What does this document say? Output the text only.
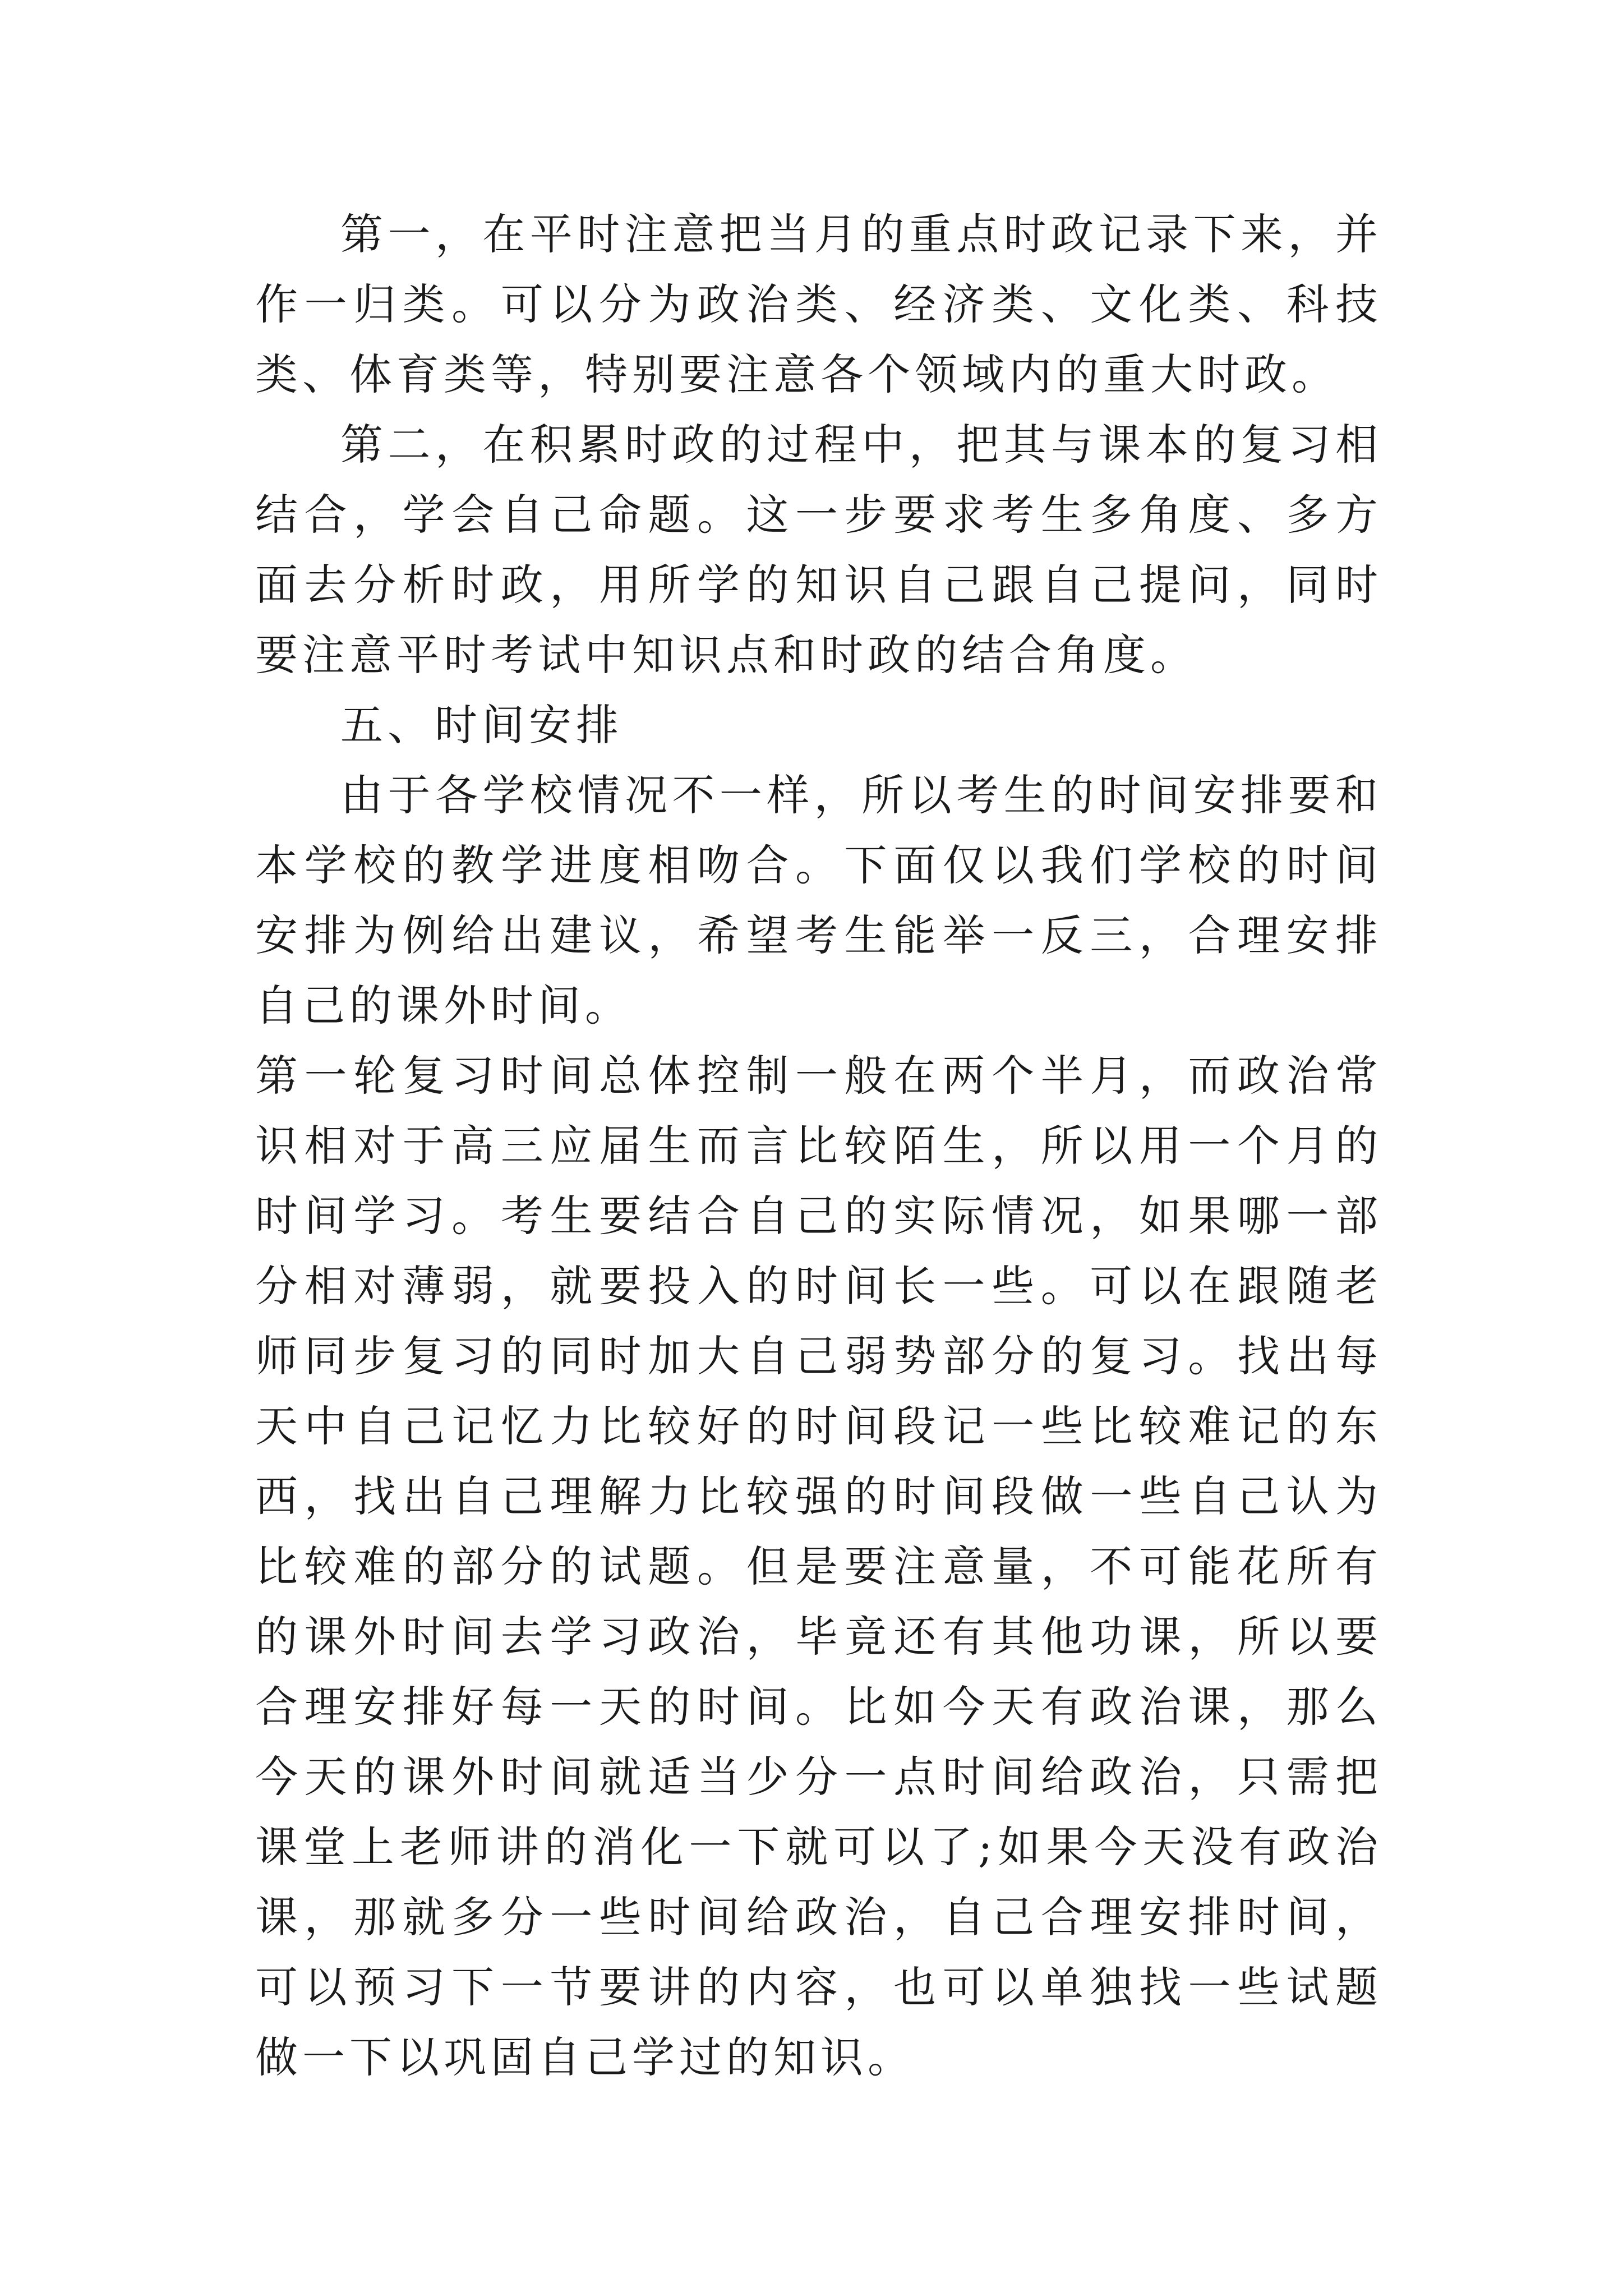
第一，在平时注意把当月的重点时政记录下来，并作一归类。可以分为政治类、经济类、文化类、科技类、体育类等，特别要注意各个领域内的重大时政。

第二，在积累时政的过程中，把其与课本的复习相结合，学会自己命题。这一步要求考生多角度、多方面去分析时政，用所学的知识自己跟自己提问，同时要注意平时考试中知识点和时政的结合角度。

五、时间安排

由于各学校情况不一样，所以考生的时间安排要和本学校的教学进度相吻合。下面仅以我们学校的时间安排为例给出建议，希望考生能举一反三，合理安排自己的课外时间。

第一轮复习时间总体控制一般在两个半月，而政治常识相对于高三应届生而言比较陌生，所以用一个月的时间学习。考生要结合自己的实际情况，如果哪一部分相对薄弱，就要投入的时间长一些。可以在跟随老师同步复习的同时加大自己弱势部分的复习。找出每天中自己记忆力比较好的时间段记一些比较难记的东西，找出自己理解力比较强的时间段做一些自己认为比较难的部分的试题。但是要注意量，不可能花所有的课外时间去学习政治，毕竟还有其他功课，所以要合理安排好每一天的时间。比如今天有政治课，那么今天的课外时间就适当少分一点时间给政治，只需把课堂上老师讲的消化一下就可以了;如果今天没有政治课，那就多分一些时间给政治，自己合理安排时间，可以预习下一节要讲的内容，也可以单独找一些试题做一下以巩固自己学过的知识。
